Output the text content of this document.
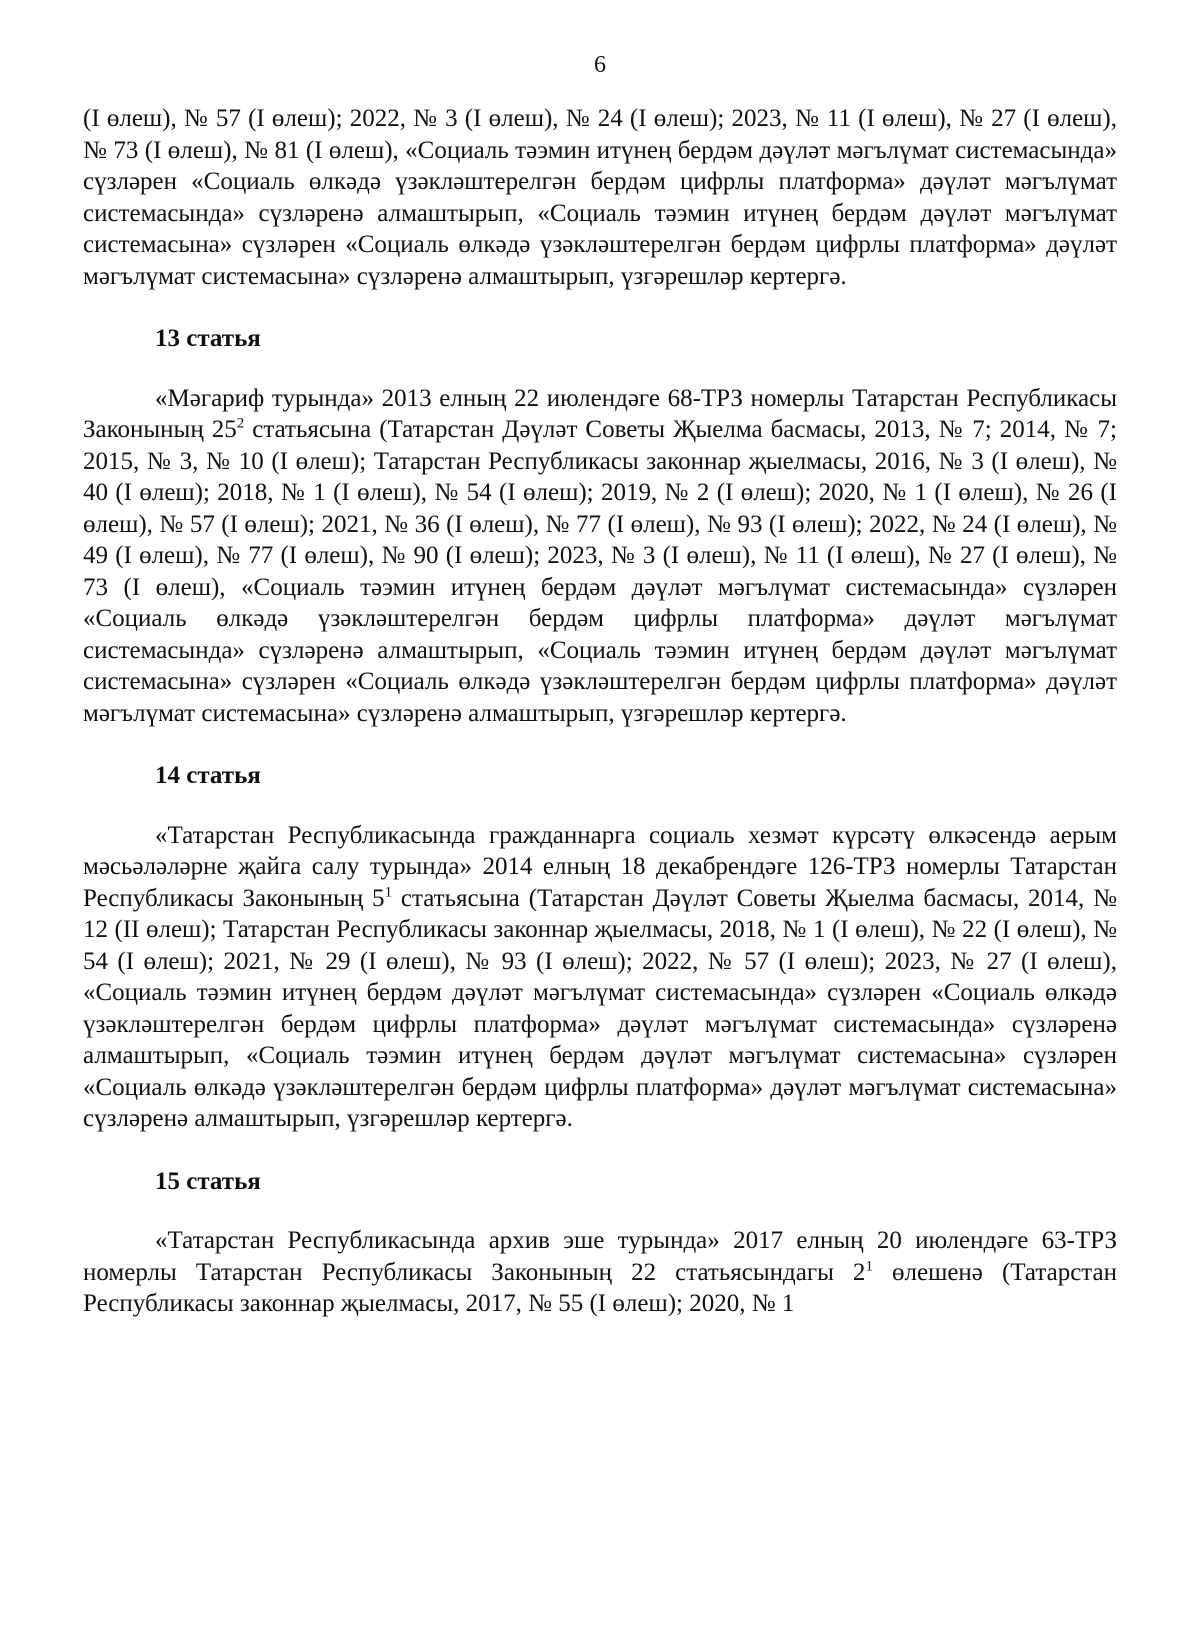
6

(I өлеш), № 57 (I өлеш); 2022, № 3 (I өлеш), № 24 (I өлеш); 2023, № 11 (I өлеш), № 27 (I өлеш), № 73 (I өлеш), № 81 (I өлеш), «Социаль тәэмин итүнең бердәм дәүләт мәгълүмат системасында» сүзләрен «Социаль өлкәдә үзәкләштерелгән бердәм цифрлы платформа» дәүләт мәгълүмат системасында» сүзләренә алмаштырып, «Социаль тәэмин итүнең бердәм дәүләт мәгълүмат системасына» сүзләрен «Социаль өлкәдә үзәкләштерелгән бердәм цифрлы платформа» дәүләт мәгълүмат системасына» сүзләренә алмаштырып, үзгәрешләр кертергә.

13 статья

«Мәгариф турында» 2013 елның 22 июлендәге 68-ТРЗ номерлы Татарстан Республикасы Законының $25^2$ статьясына (Татарстан Дәүләт Советы Җыелма басмасы, 2013, № 7; 2014, № 7; 2015, № 3, № 10 (I өлеш); Татарстан Республикасы законнар җыелмасы, 2016, № 3 (I өлеш), № 40 (I өлеш); 2018, № 1 (I өлеш), № 54 (I өлеш); 2019, № 2 (I өлеш); 2020, № 1 (I өлеш), № 26 (I өлеш), № 57 (I өлеш); 2021, № 36 (I өлеш), № 77 (I өлеш), № 93 (I өлеш); 2022, № 24 (I өлеш), № 49 (I өлеш), № 77 (I өлеш), № 90 (I өлеш); 2023, № 3 (I өлеш), № 11 (I өлеш), № 27 (I өлеш), № 73 (I өлеш), «Социаль тәэмин итүнең бердәм дәүләт мәгълүмат системасында» сүзләрен «Социаль өлкәдә үзәкләштерелгән бердәм цифрлы платформа» дәүләт мәгълүмат системасында» сүзләренә алмаштырып, «Социаль тәэмин итүнең бердәм дәүләт мәгълүмат системасына» сүзләрен «Социаль өлкәдә үзәкләштерелгән бердәм цифрлы платформа» дәүләт мәгълүмат системасына» сүзләренә алмаштырып, үзгәрешләр кертергә.

14 статья

«Татарстан Республикасында гражданнарга социаль хезмәт күрсәтү өлкәсендә аерым мәсьәләләрне җайга салу турында» 2014 елның 18 декабрендәге 126-ТРЗ номерлы Татарстан Республикасы Законының $5^1$ статьясына (Татарстан Дәүләт Советы Җыелма басмасы, 2014, № 12 (II өлеш); Татарстан Республикасы законнар җыелмасы, 2018, № 1 (I өлеш), № 22 (I өлеш), № 54 (I өлеш); 2021, № 29 (I өлеш), № 93 (I өлеш); 2022, № 57 (I өлеш); 2023, № 27 (I өлеш), «Социаль тәэмин итүнең бердәм дәүләт мәгълүмат системасында» сүзләрен «Социаль өлкәдә үзәкләштерелгән бердәм цифрлы платформа» дәүләт мәгълүмат системасында» сүзләренә алмаштырып, «Социаль тәэмин итүнең бердәм дәүләт мәгълүмат системасына» сүзләрен «Социаль өлкәдә үзәкләштерелгән бердәм цифрлы платформа» дәүләт мәгълүмат системасына» сүзләренә алмаштырып, үзгәрешләр кертергә.

15 статья

«Татарстан Республикасында архив эше турында» 2017 елның 20 июлендәге 63-ТРЗ номерлы Татарстан Республикасы Законының 22 статьясындагы $2^1$ өлешенә (Татарстан Республикасы законнар җыелмасы, 2017, № 55 (I өлеш); 2020, № 1
